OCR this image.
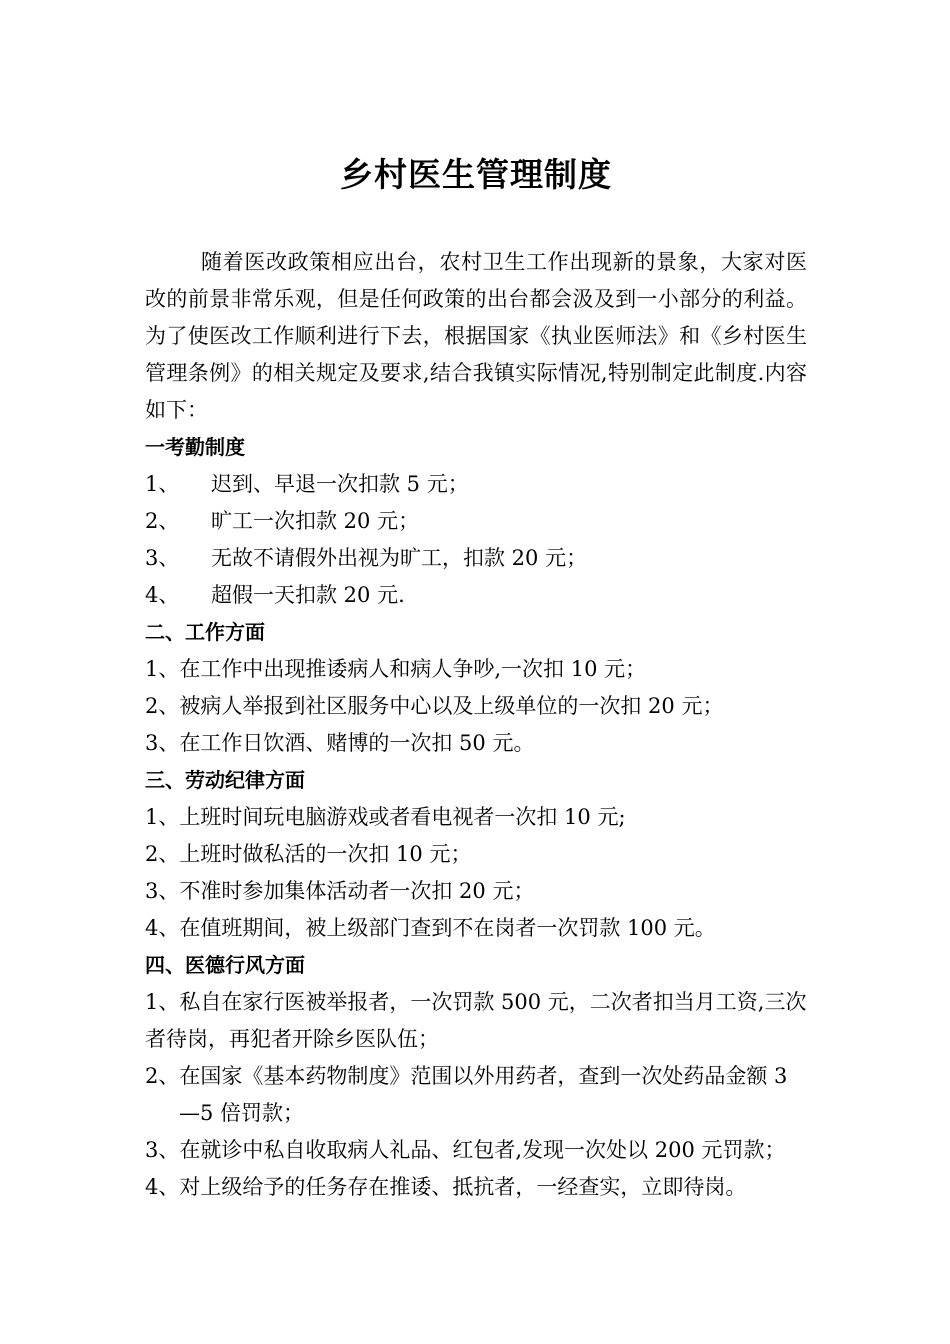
乡村医生管理制度

随着医改政策相应出台，农村卫生工作出现新的景象，大家对医改的前景非常乐观，但是任何政策的出台都会汲及到一小部分的利益。为了使医改工作顺利进行下去，根据国家《执业医师法》和《乡村医生管理条例》的相关规定及要求,结合我镇实际情况,特别制定此制度.内容如下：

一考勤制度

1、 迟到、早退一次扣款 5 元；

2、 旷工一次扣款 20 元；

3、 无故不请假外出视为旷工，扣款 20 元；

4、 超假一天扣款 20 元.

二、工作方面

1、在工作中出现推诿病人和病人争吵,一次扣 10 元；

2、被病人举报到社区服务中心以及上级单位的一次扣 20 元；

3、在工作日饮酒、赌博的一次扣 50 元。

三、劳动纪律方面

1、上班时间玩电脑游戏或者看电视者一次扣 10 元;

2、上班时做私活的一次扣 10 元；

3、不准时参加集体活动者一次扣 20 元；

4、在值班期间，被上级部门查到不在岗者一次罚款 100 元。

四、医德行风方面

1、私自在家行医被举报者，一次罚款 500 元，二次者扣当月工资,三次者待岗，再犯者开除乡医队伍；

2、在国家《基本药物制度》范围以外用药者，查到一次处药品金额 3—5 倍罚款；

3、在就诊中私自收取病人礼品、红包者,发现一次处以 200 元罚款；

4、对上级给予的任务存在推诿、抵抗者，一经查实，立即待岗。
